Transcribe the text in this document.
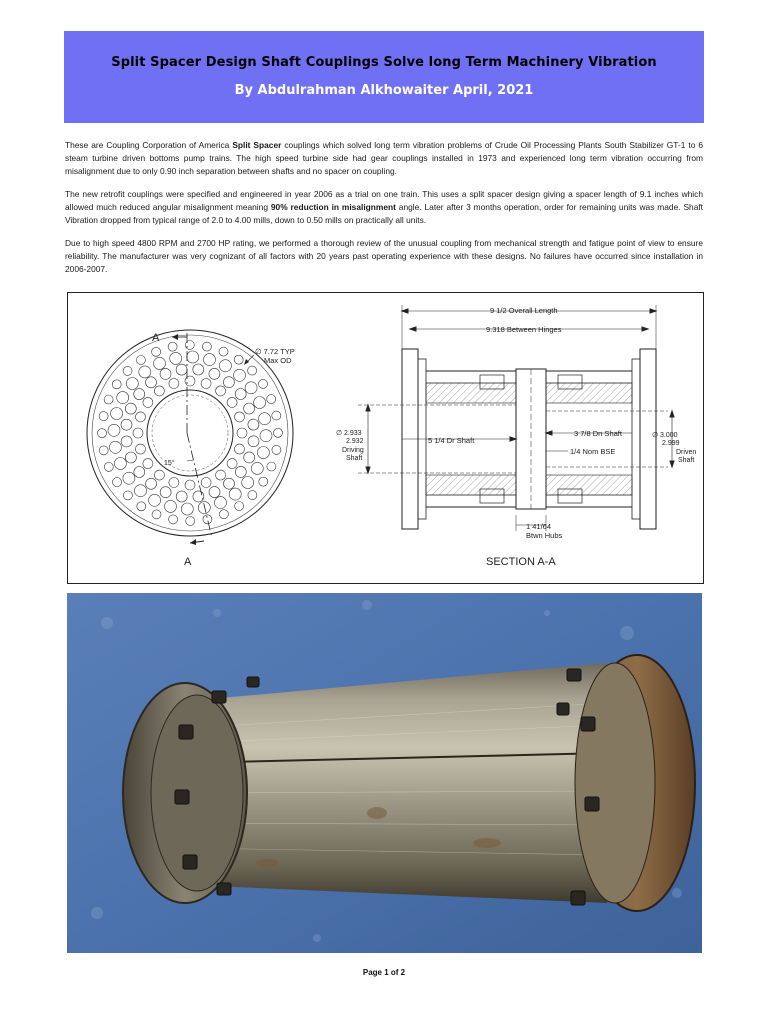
Split Spacer Design Shaft Couplings Solve long Term Machinery Vibration
By Abdulrahman Alkhowaiter April, 2021

These are Coupling Corporation of America Split Spacer couplings which solved long term vibration problems of Crude Oil Processing Plants South Stabilizer GT-1 to 6 steam turbine driven bottoms pump trains. The high speed turbine side had gear couplings installed in 1973 and experienced long term vibration occurring from misalignment due to only 0.90 inch separation between shafts and no spacer on coupling.

The new retrofit couplings were specified and engineered in year 2006 as a trial on one train. This uses a split spacer design giving a spacer length of 9.1 inches which allowed much reduced angular misalignment meaning 90% reduction in misalignment angle. Later after 3 months operation, order for remaining units was made. Shaft Vibration dropped from typical range of 2.0 to 4.00 mills, down to 0.50 mills on practically all units.

Due to high speed 4800 RPM and 2700 HP rating, we performed a thorough review of the unusual coupling from mechanical strength and fatigue point of view to ensure reliability. The manufacturer was very cognizant of all factors with 20 years past operating experience with these designs. No failures have occurred since installation in 2006-2007.

A
A
∅ 7.72 TYP
Max OD
15°
9 1/2 Overall Length
9.318 Between Hinges
∅ 2.933
2.932
Driving
Shaft
5 1/4 Dr Shaft
3 7/8 Dn Shaft
1/4 Nom BSE
∅ 3.000
2.999
Driven
Shaft
1 41/64
Btwn Hubs
SECTION A-A
Page 1 of 2
